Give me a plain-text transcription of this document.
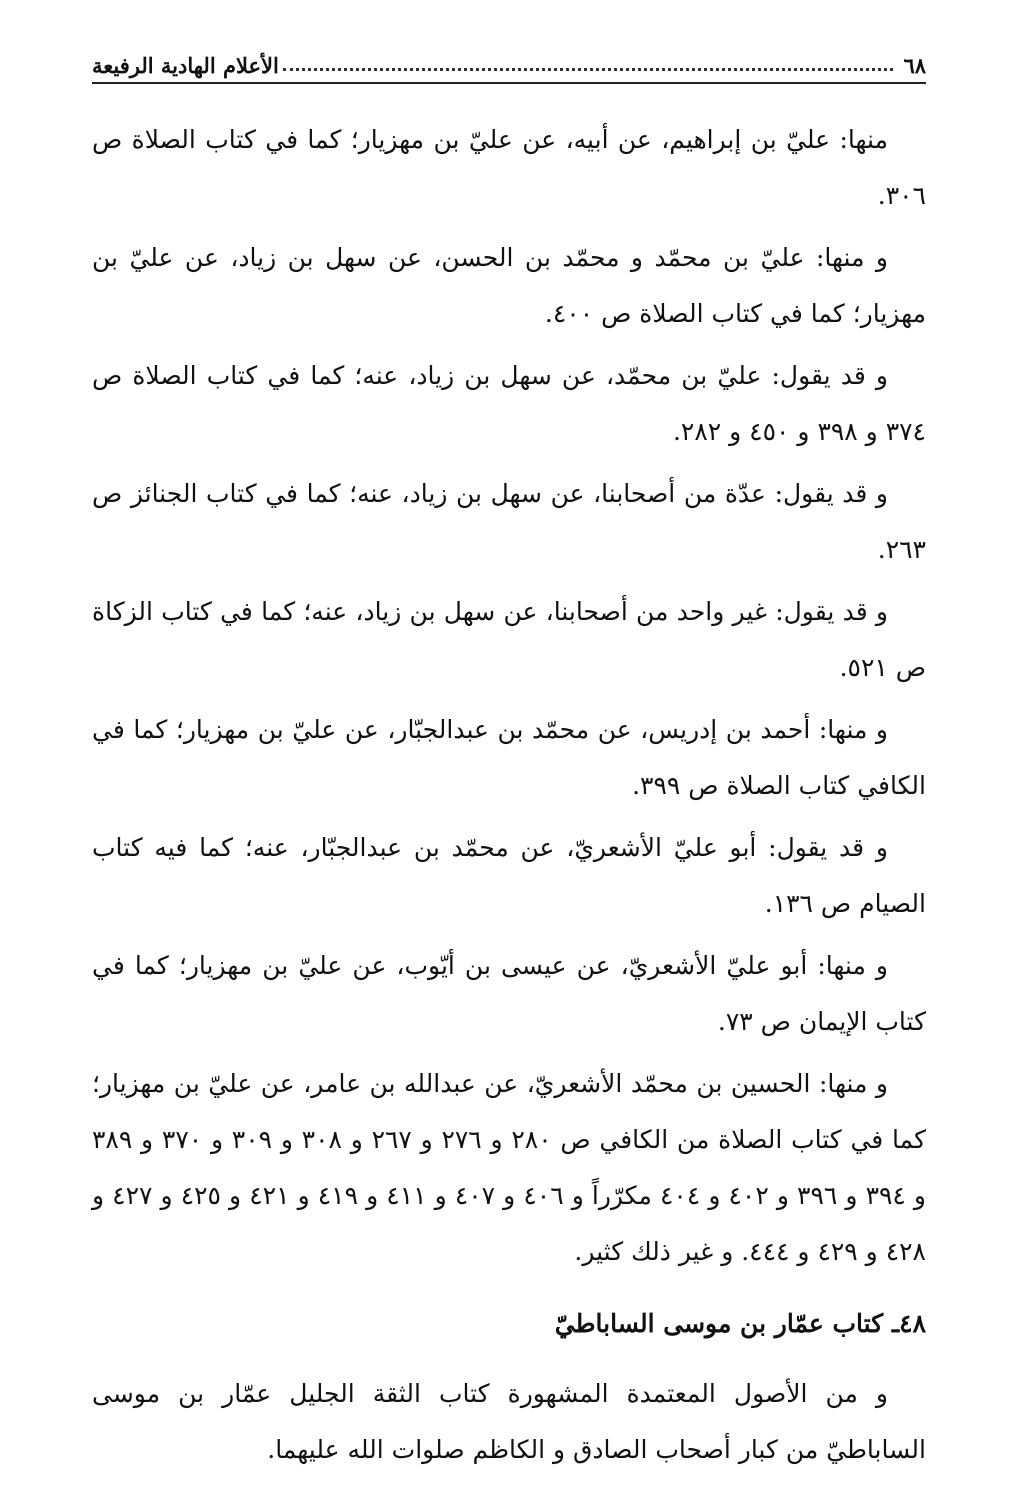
٦٨
الأعلام الهادية الرفيعة

منها: عليّ بن إبراهيم، عن أبيه، عن عليّ بن مهزيار؛ كما في كتاب الصلاة ص ٣٠٦.

و منها: عليّ بن محمّد و محمّد بن الحسن، عن سهل بن زياد، عن عليّ بن مهزيار؛ كما في كتاب الصلاة ص ٤٠٠.

و قد يقول: عليّ بن محمّد، عن سهل بن زياد، عنه؛ كما في كتاب الصلاة ص ٣٧٤ و ٣٩٨ و ٤٥٠ و ٢٨٢.

و قد يقول: عدّة من أصحابنا، عن سهل بن زياد، عنه؛ كما في كتاب الجنائز ص ٢٦٣.

و قد يقول: غير واحد من أصحابنا، عن سهل بن زياد، عنه؛ كما في كتاب الزكاة ص ٥٢١.

و منها: أحمد بن إدريس، عن محمّد بن عبدالجبّار، عن عليّ بن مهزيار؛ كما في الكافي كتاب الصلاة ص ٣٩٩.

و قد يقول: أبو عليّ الأشعريّ، عن محمّد بن عبدالجبّار، عنه؛ كما فيه كتاب الصيام ص ١٣٦.

و منها: أبو عليّ الأشعريّ، عن عيسى بن أيّوب، عن عليّ بن مهزيار؛ كما في كتاب الإيمان ص ٧٣.

و منها: الحسين بن محمّد الأشعريّ، عن عبدالله بن عامر، عن عليّ بن مهزيار؛ كما في كتاب الصلاة من الكافي ص ٢٨٠ و ٢٧٦ و ٢٦٧ و ٣٠٨ و ٣٠٩ و ٣٧٠ و ٣٨٩ و ٣٩٤ و ٣٩٦ و ٤٠٢ و ٤٠٤ مكرّراً و ٤٠٦ و ٤٠٧ و ٤١١ و ٤١٩ و ٤٢١ و ٤٢٥ و ٤٢٧ و ٤٢٨ و ٤٢٩ و ٤٤٤. و غير ذلك كثير.

٤٨ـ كتاب عمّار بن موسى الساباطيّ

و من الأصول المعتمدة المشهورة كتاب الثقة الجليل عمّار بن موسى الساباطيّ من كبار أصحاب الصادق و الكاظم صلوات الله عليهما.
